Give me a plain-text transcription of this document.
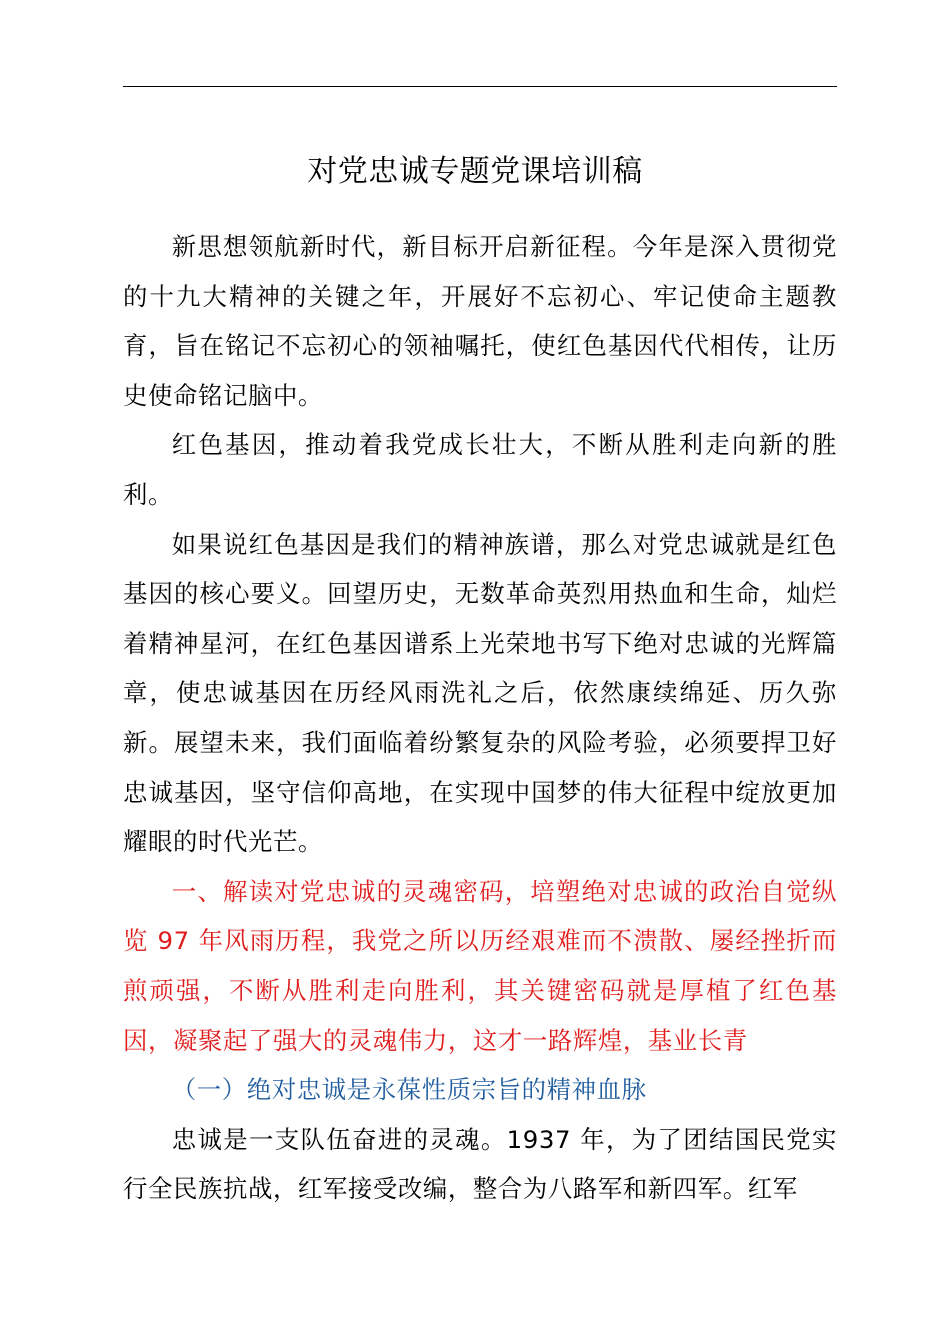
对党忠诚专题党课培训稿

新思想领航新时代，新目标开启新征程。今年是深入贯彻党的十九大精神的关键之年，开展好不忘初心、牢记使命主题教育，旨在铭记不忘初心的领袖嘱托，使红色基因代代相传，让历史使命铭记脑中。

红色基因，推动着我党成长壮大，不断从胜利走向新的胜利。

如果说红色基因是我们的精神族谱，那么对党忠诚就是红色基因的核心要义。回望历史，无数革命英烈用热血和生命，灿烂着精神星河，在红色基因谱系上光荣地书写下绝对忠诚的光辉篇章，使忠诚基因在历经风雨洗礼之后，依然康续绵延、历久弥新。展望未来，我们面临着纷繁复杂的风险考验，必须要捍卫好忠诚基因，坚守信仰高地，在实现中国梦的伟大征程中绽放更加耀眼的时代光芒。

一、解读对党忠诚的灵魂密码，培塑绝对忠诚的政治自觉纵览 97 年风雨历程，我党之所以历经艰难而不溃散、屡经挫折而煎顽强，不断从胜利走向胜利，其关键密码就是厚植了红色基因，凝聚起了强大的灵魂伟力，这才一路辉煌，基业长青

（一）绝对忠诚是永葆性质宗旨的精神血脉

忠诚是一支队伍奋进的灵魂。1937 年，为了团结国民党实行全民族抗战，红军接受改编，整合为八路军和新四军。红军
